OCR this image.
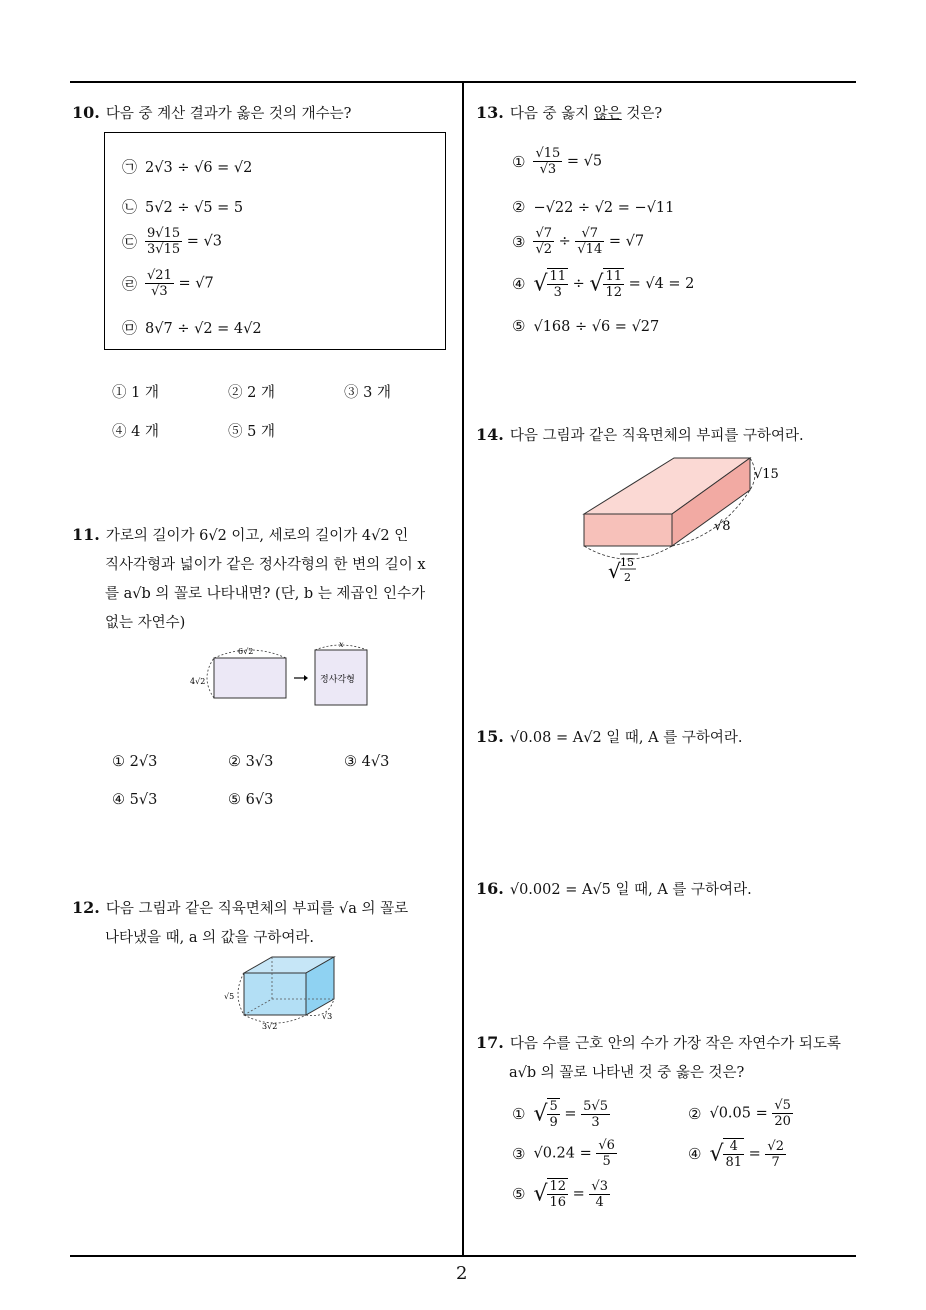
2
10. 다음 중 계산 결과가 옳은 것의 개수는?
㉠ 2√3 ÷ √6 = √2
㉡ 5√2 ÷ √5 = 5
㉢ $\frac{9√15}{3√15} = √3$
㉣ $\frac{√21}{√3} = √7$
㉤ 8√7 ÷ √2 = 4√2
① 1 개	② 2 개	③ 3 개
④ 4 개	⑤ 5 개
11. 가로의 길이가 6√2 이고, 세로의 길이가 4√2 인
직사각형과 넓이가 같은 정사각형의 한 변의 길이 x
를 a√b 의 꼴로 나타내면? (단, b 는 제곱인 인수가
없는 자연수)
6√2
4√2	정사각형
x
① 2√3	② 3√3	③ 4√3
④ 5√3	⑤ 6√3
12. 다음 그림과 같은 직육면체의 부피를 √a 의 꼴로
나타냈을 때, a 의 값을 구하여라.
√5
3√2
√3
13. 다음 중 옳지 않은 것은?
① $\frac{√15}{√3} = √5$
② −√22 ÷ √2 = −√11
③ $\frac{√7}{√2} \div \frac{√7}{√14} = √7$
④ √ $\frac{11}{3}$ ÷ √ $\frac{11}{12} = √4 = 2$
⑤ √168 ÷ √6 = √27
14. 다음 그림과 같은 직육면체의 부피를 구하여라.
√15
√8
√ 15
2
15. √0.08 = A√2 일 때, A 를 구하여라.
16. √0.002 = A√5 일 때, A 를 구하여라.
17. 다음 수를 근호 안의 수가 가장 작은 자연수가 되도록
a√b 의 꼴로 나타낸 것 중 옳은 것은?
① √ $\frac{5}{9} = \frac{5√5}{3}$	② $√0.05 = \frac{√5}{20}$
③ $√0.24 = \frac{√6}{5}$	④ √ $\frac{4}{81} = \frac{√2}{7}$
⑤ √ $\frac{12}{16} = \frac{√3}{4}$
